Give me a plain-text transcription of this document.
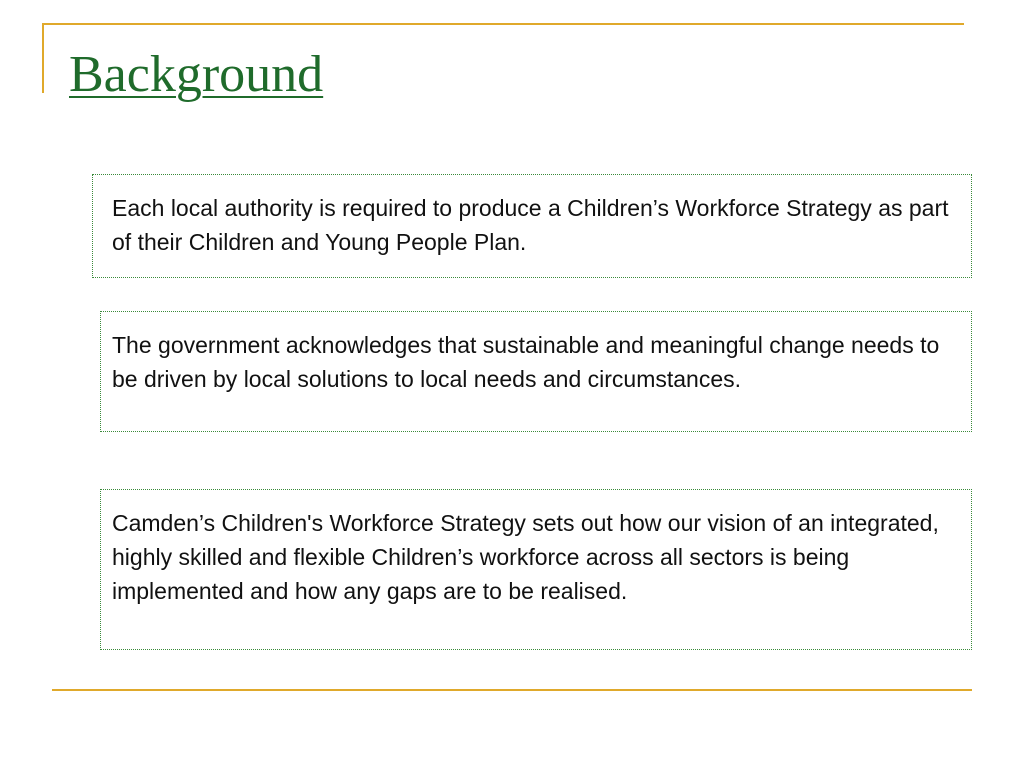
Background

Each local authority is required to produce a Children’s Workforce Strategy as part of their Children and Young People Plan.

The government acknowledges that sustainable and meaningful change needs to be driven by local solutions to local needs and circumstances.

Camden’s Children's Workforce Strategy sets out how our vision of an integrated, highly skilled and flexible Children’s workforce across all sectors is being implemented and how any gaps are to be realised.
